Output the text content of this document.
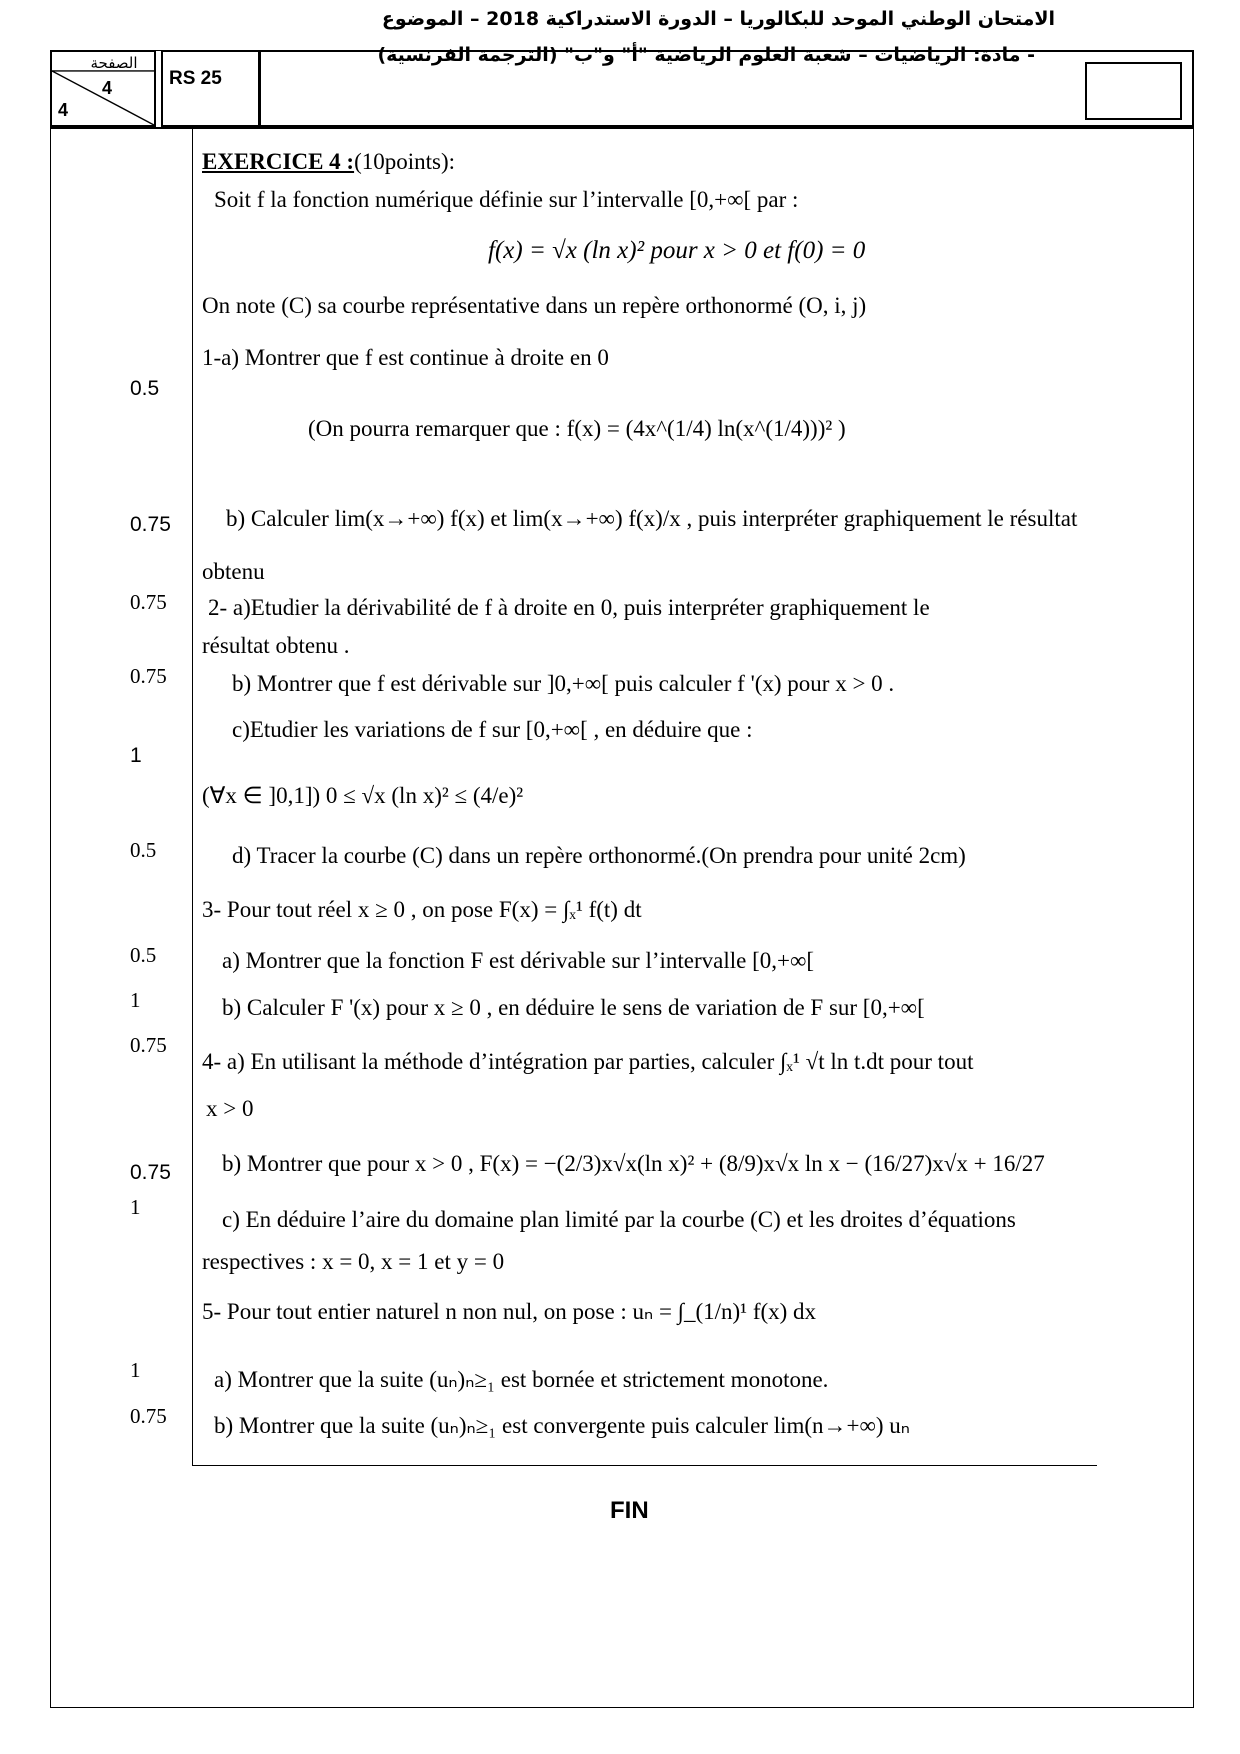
الصفحة
4
4
RS 25
الامتحان الوطني الموحد للبكالوريا – الدورة الاستدراكية 2018 – الموضوع
- مادة: الرياضيات – شعبة العلوم الرياضية "أ" و"ب" (الترجمة الفرنسية)
0.5
0.75
0.75
0.75
1
0.5
0.5
1
0.75
0.75
1
1
0.75
EXERCICE 4 :(10points):
Soit f la fonction numérique définie sur l’intervalle [0,+∞[ par :
f(x) = √x (ln x)² pour x > 0 et f(0) = 0
On note (C) sa courbe représentative dans un repère orthonormé (O, i, j)
1-a) Montrer que f est continue à droite en 0
(On pourra remarquer que : f(x) = (4x^(1/4) ln(x^(1/4)))² )
b) Calculer lim(x→+∞) f(x) et lim(x→+∞) f(x)/x , puis interpréter graphiquement le résultat
obtenu
2- a)Etudier la dérivabilité de f à droite en 0, puis interpréter graphiquement le
résultat obtenu .
b) Montrer que f est dérivable sur ]0,+∞[ puis calculer f '(x) pour x > 0 .
c)Etudier les variations de f sur [0,+∞[ , en déduire que :
(∀x ∈ ]0,1]) 0 ≤ √x (ln x)² ≤ (4/e)²
d) Tracer la courbe (C) dans un repère orthonormé.(On prendra pour unité 2cm)
3- Pour tout réel x ≥ 0 , on pose F(x) = ∫ₓ¹ f(t) dt
a) Montrer que la fonction F est dérivable sur l’intervalle [0,+∞[
b) Calculer F '(x) pour x ≥ 0 , en déduire le sens de variation de F sur [0,+∞[
4- a) En utilisant la méthode d’intégration par parties, calculer ∫ₓ¹ √t ln t.dt pour tout
x > 0
b) Montrer que pour x > 0 , F(x) = −(2/3)x√x(ln x)² + (8/9)x√x ln x − (16/27)x√x + 16/27
c) En déduire l’aire du domaine plan limité par la courbe (C) et les droites d’équations
respectives : x = 0, x = 1 et y = 0
5- Pour tout entier naturel n non nul, on pose : uₙ = ∫_(1/n)¹ f(x) dx
a) Montrer que la suite (uₙ)ₙ≥₁ est bornée et strictement monotone.
b) Montrer que la suite (uₙ)ₙ≥₁ est convergente puis calculer lim(n→+∞) uₙ
FIN
